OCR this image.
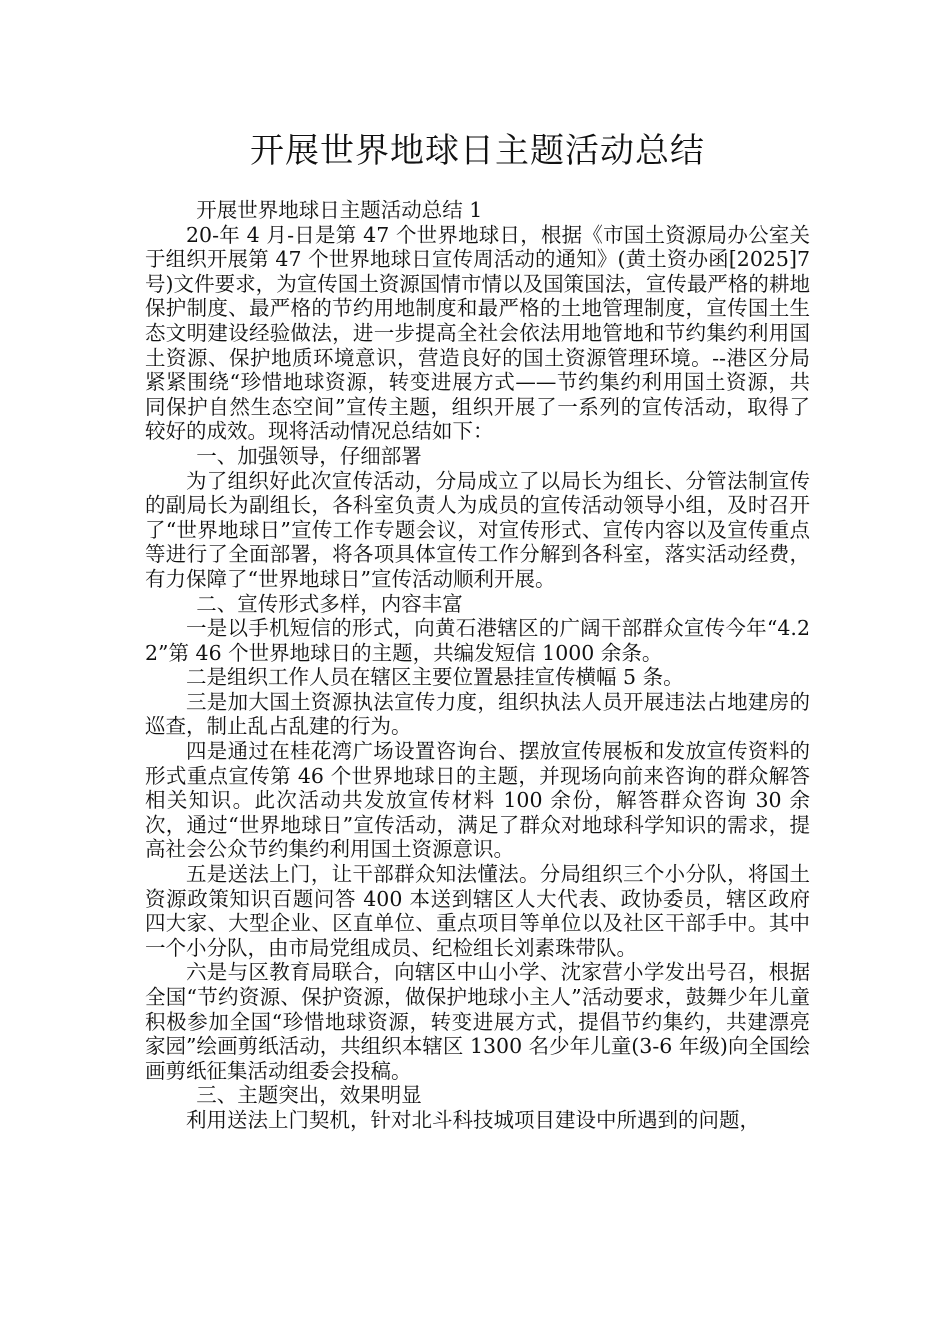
开展世界地球日主题活动总结

开展世界地球日主题活动总结 1

20-年 4 月-日是第 47 个世界地球日，根据《市国土资源局办公室关于组织开展第 47 个世界地球日宣传周活动的通知》(黄土资办函[2025]7 号)文件要求，为宣传国土资源国情市情以及国策国法，宣传最严格的耕地保护制度、最严格的节约用地制度和最严格的土地管理制度，宣传国土生态文明建设经验做法，进一步提高全社会依法用地管地和节约集约利用国土资源、保护地质环境意识，营造良好的国土资源管理环境。--港区分局紧紧围绕“珍惜地球资源，转变进展方式——节约集约利用国土资源，共同保护自然生态空间”宣传主题，组织开展了一系列的宣传活动，取得了较好的成效。现将活动情况总结如下：

一、加强领导，仔细部署

为了组织好此次宣传活动，分局成立了以局长为组长、分管法制宣传的副局长为副组长，各科室负责人为成员的宣传活动领导小组，及时召开了“世界地球日”宣传工作专题会议，对宣传形式、宣传内容以及宣传重点等进行了全面部署，将各项具体宣传工作分解到各科室，落实活动经费，有力保障了“世界地球日”宣传活动顺利开展。

二、宣传形式多样，内容丰富

一是以手机短信的形式，向黄石港辖区的广阔干部群众宣传今年“4.22”第 46 个世界地球日的主题，共编发短信 1000 余条。

二是组织工作人员在辖区主要位置悬挂宣传横幅 5 条。

三是加大国土资源执法宣传力度，组织执法人员开展违法占地建房的巡查，制止乱占乱建的行为。

四是通过在桂花湾广场设置咨询台、摆放宣传展板和发放宣传资料的形式重点宣传第 46 个世界地球日的主题，并现场向前来咨询的群众解答相关知识。此次活动共发放宣传材料 100 余份，解答群众咨询 30 余次，通过“世界地球日”宣传活动，满足了群众对地球科学知识的需求，提高社会公众节约集约利用国土资源意识。

五是送法上门，让干部群众知法懂法。分局组织三个小分队，将国土资源政策知识百题问答 400 本送到辖区人大代表、政协委员，辖区政府四大家、大型企业、区直单位、重点项目等单位以及社区干部手中。其中一个小分队，由市局党组成员、纪检组长刘素珠带队。

六是与区教育局联合，向辖区中山小学、沈家营小学发出号召，根据全国“节约资源、保护资源，做保护地球小主人”活动要求，鼓舞少年儿童积极参加全国“珍惜地球资源，转变进展方式，提倡节约集约，共建漂亮家园”绘画剪纸活动，共组织本辖区 1300 名少年儿童(3-6 年级)向全国绘画剪纸征集活动组委会投稿。

三、主题突出，效果明显

利用送法上门契机，针对北斗科技城项目建设中所遇到的问题，
